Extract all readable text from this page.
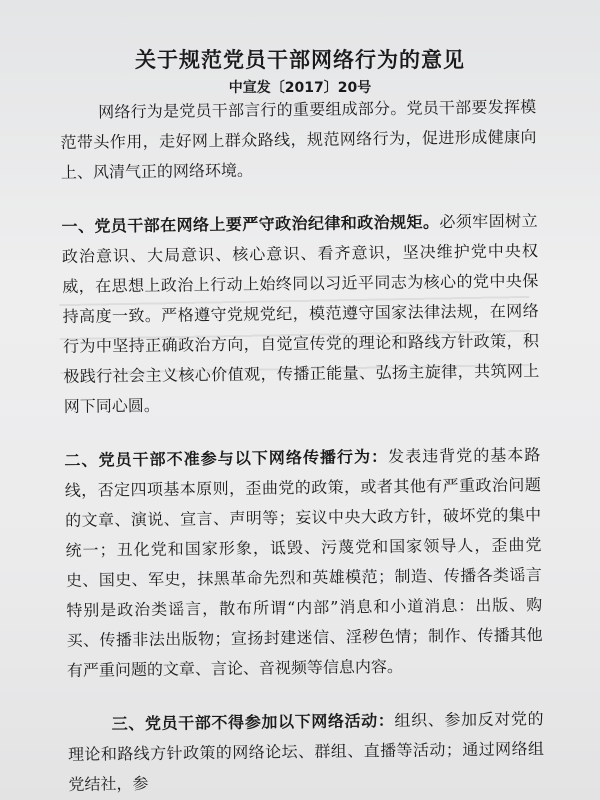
关于规范党员干部网络行为的意见
中宣发〔2017〕20号

网络行为是党员干部言行的重要组成部分。党员干部要发挥模范带头作用，走好网上群众路线，规范网络行为，促进形成健康向上、风清气正的网络环境。

一、党员干部在网络上要严守政治纪律和政治规矩。必须牢固树立政治意识、大局意识、核心意识、看齐意识，坚决维护党中央权威，在思想上政治上行动上始终同以习近平同志为核心的党中央保持高度一致。严格遵守党规党纪，模范遵守国家法律法规，在网络行为中坚持正确政治方向，自觉宣传党的理论和路线方针政策，积极践行社会主义核心价值观，传播正能量、弘扬主旋律，共筑网上网下同心圆。

二、党员干部不准参与以下网络传播行为：发表违背党的基本路线，否定四项基本原则，歪曲党的政策，或者其他有严重政治问题的文章、演说、宣言、声明等；妄议中央大政方针，破坏党的集中统一；丑化党和国家形象，诋毁、污蔑党和国家领导人，歪曲党史、国史、军史，抹黑革命先烈和英雄模范；制造、传播各类谣言特别是政治类谣言，散布所谓“内部”消息和小道消息：出版、购买、传播非法出版物；宣扬封建迷信、淫秽色情；制作、传播其他有严重问题的文章、言论、音视频等信息内容。

三、党员干部不得参加以下网络活动：组织、参加反对党的理论和路线方针政策的网络论坛、群组、直播等活动；通过网络组党结社，参
